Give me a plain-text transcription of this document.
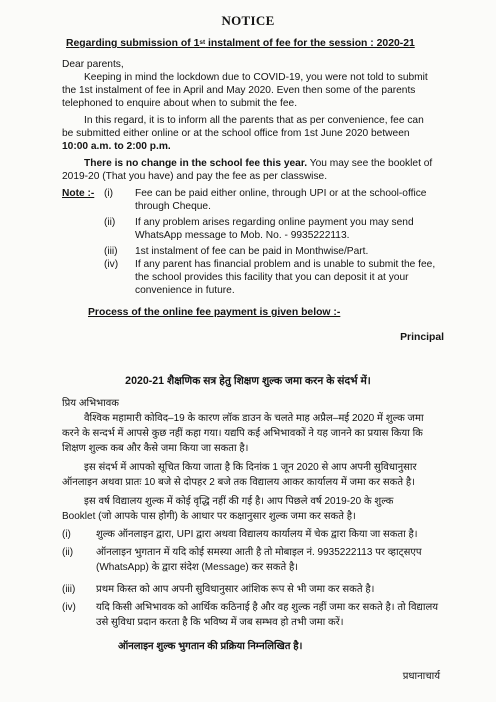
NOTICE
Regarding submission of 1st instalment of fee for the session : 2020-21
Dear parents,
Keeping in mind the lockdown due to COVID-19, you were not told to submit
the 1st instalment of fee in April and May 2020. Even then some of the parents
telephoned to enquire about when to submit the fee.
In this regard, it is to inform all the parents that as per convenience, fee can
be submitted either online or at the school office from 1st June 2020 between
10:00 a.m. to 2:00 p.m.
There is no change in the school fee this year. You may see the booklet of
2019-20 (That you have) and pay the fee as per classwise.
Note :- (i) Fee can be paid either online, through UPI or at the school-office
through Cheque.
(ii) If any problem arises regarding online payment you may send
WhatsApp message to Mob. No. - 9935222113.
(iii) 1st instalment of fee can be paid in Monthwise/Part.
(iv) If any parent has financial problem and is unable to submit the fee,
the school provides this facility that you can deposit it at your
convenience in future.
Process of the online fee payment is given below :-
Principal
2020-21 शैक्षणिक सत्र हेतु शिक्षण शुल्क जमा करन के संदर्भ में।
प्रिय अभिभावक
वैश्विक महामारी कोविद–19 के कारण लॉक डाउन के चलते माह अप्रैल–मई 2020 में शुल्क जमा
करने के सन्दर्भ में आपसे कुछ नहीं कहा गया। यद्यपि कई अभिभावकों ने यह जानने का प्रयास किया कि
शिक्षण शुल्क कब और कैसे जमा किया जा सकता है।
इस संदर्भ में आपको सूचित किया जाता है कि दिनांक 1 जून 2020 से आप अपनी सुविधानुसार
ऑनलाइन अथवा प्रातः 10 बजे से दोपहर 2 बजे तक विद्यालय आकर कार्यालय में जमा कर सकते है।
इस वर्ष विद्यालय शुल्क में कोई वृद्धि नहीं की गई है। आप पिछले वर्ष 2019-20 के शुल्क
Booklet (जो आपके पास होगी) के आधार पर कक्षानुसार शुल्क जमा कर सकते है।
(i)	शुल्क ऑनलाइन द्वारा, UPI द्वारा अथवा विद्यालय कार्यालय में चेक द्वारा किया जा सकता है।
(ii) ऑनलाइन भुगतान में यदि कोई समस्या आती है तो मोबाइल नं. 9935222113 पर व्हाट्सएप
(WhatsApp) के द्वारा संदेश (Message) कर सकते है।
(iii) प्रथम किस्त को आप अपनी सुविधानुसार आंशिक रूप से भी जमा कर सकते है।
(iv) यदि किसी अभिभावक को आर्थिक कठिनाई है और वह शुल्क नहीं जमा कर सकते है। तो विद्यालय
उसे सुविधा प्रदान करता है कि भविष्य में जब सम्भव हो तभी जमा करें।
ऑनलाइन शुल्क भुगतान की प्रक्रिया निम्नलिखित है।
प्रधानाचार्य
